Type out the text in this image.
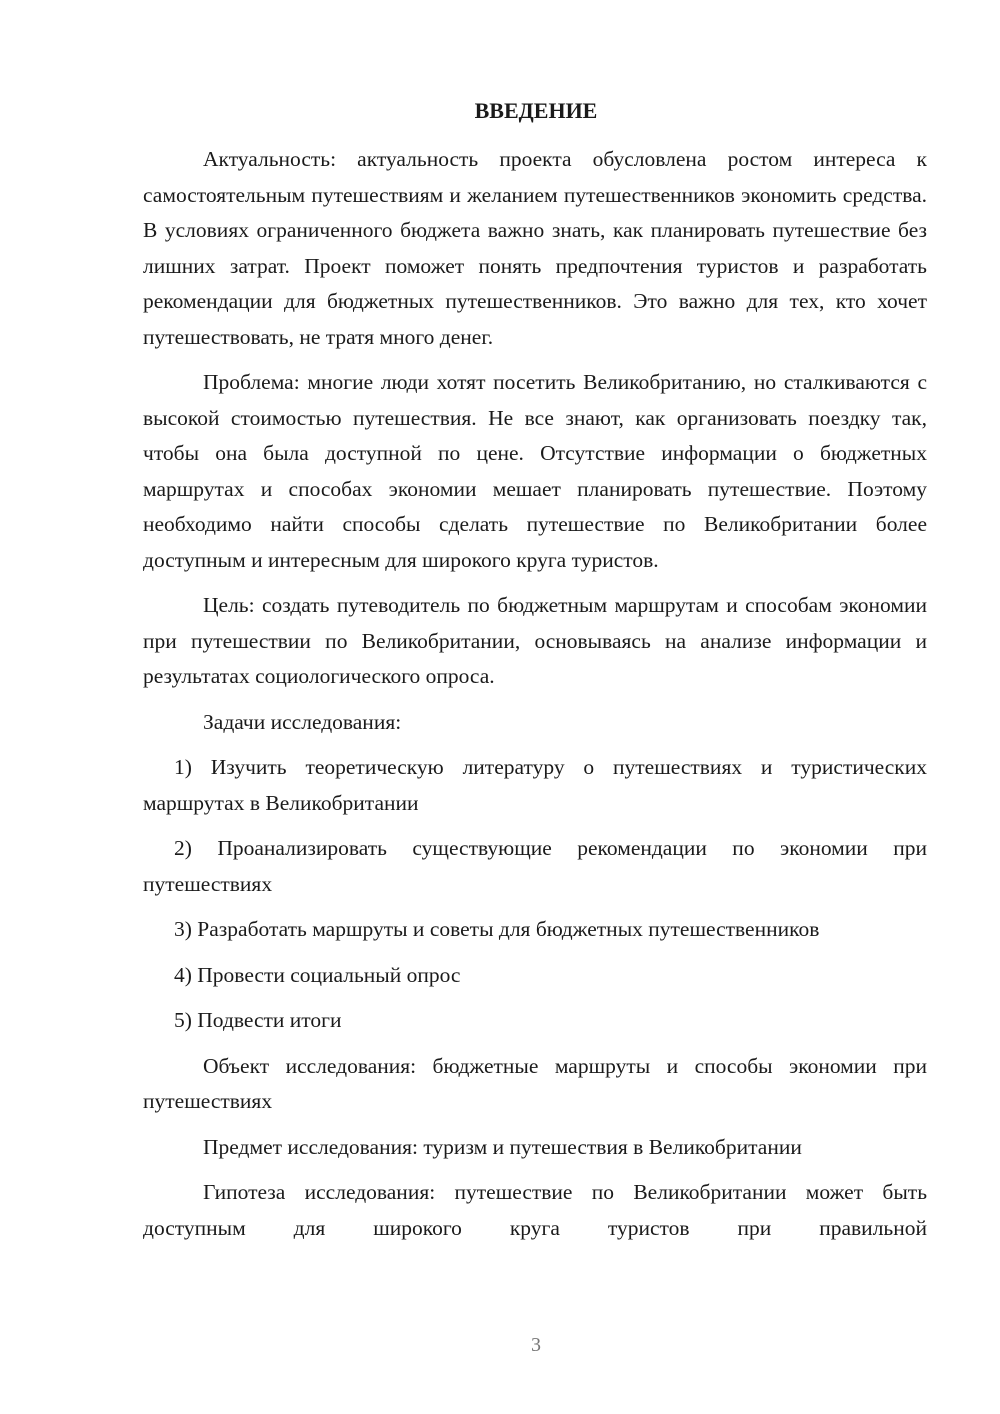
ВВЕДЕНИЕ

Актуальность: актуальность проекта обусловлена ростом интереса к самостоятельным путешествиям и желанием путешественников экономить средства. В условиях ограниченного бюджета важно знать, как планировать путешествие без лишних затрат. Проект поможет понять предпочтения туристов и разработать рекомендации для бюджетных путешественников. Это важно для тех, кто хочет путешествовать, не тратя много денег.

Проблема: многие люди хотят посетить Великобританию, но сталкиваются с высокой стоимостью путешествия. Не все знают, как организовать поездку так, чтобы она была доступной по цене. Отсутствие информации о бюджетных маршрутах и способах экономии мешает планировать путешествие. Поэтому необходимо найти способы сделать путешествие по Великобритании более доступным и интересным для широкого круга туристов.

Цель: создать путеводитель по бюджетным маршрутам и способам экономии при путешествии по Великобритании, основываясь на анализе информации и результатах социологического опроса.

Задачи исследования:

1) Изучить теоретическую литературу о путешествиях и туристических маршрутах в Великобритании

2) Проанализировать существующие рекомендации по экономии при путешествиях

3) Разработать маршруты и советы для бюджетных путешественников

4) Провести социальный опрос

5) Подвести итоги

Объект исследования: бюджетные маршруты и способы экономии при путешествиях

Предмет исследования: туризм и путешествия в Великобритании

Гипотеза исследования: путешествие по Великобритании может быть доступным для широкого круга туристов при правильной

3
